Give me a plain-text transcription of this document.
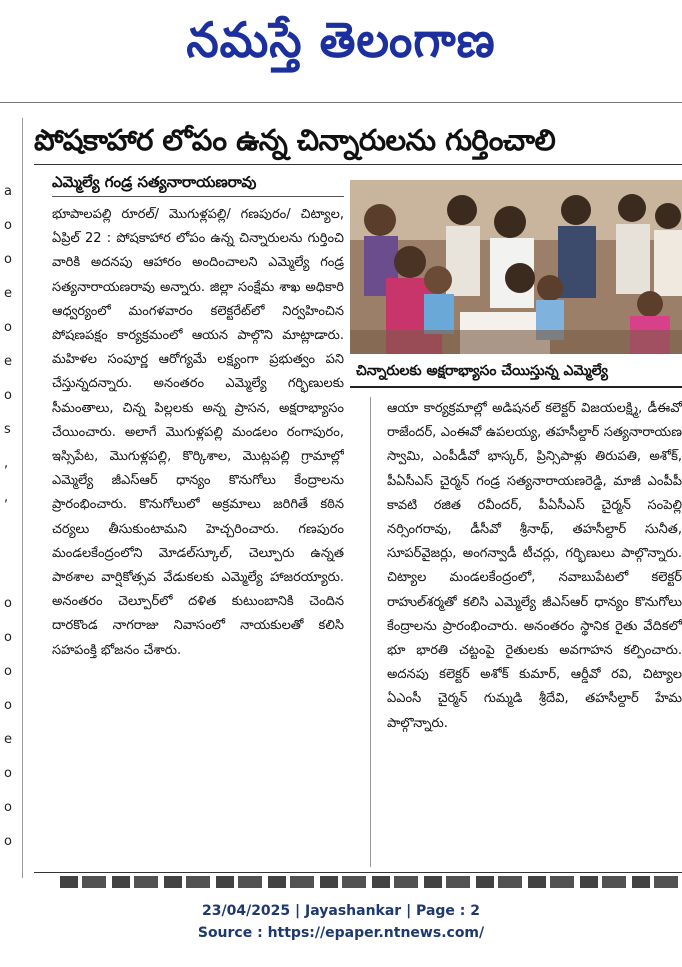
నమస్తే తెలంగాణ
a
o
o
e
o
e
o
s
,
,
o
o
o
o
e
o
o
o
పోషకాహార లోపం ఉన్న చిన్నారులను గుర్తించాలి
ఎమ్మెల్యే గండ్ర సత్యనారాయణరావు
భూపాలపల్లి రూరల్/ మొగుళ్లపల్లి/ గణపురం/ చిట్యాల, ఏప్రిల్ 22 : పోషకాహార లోపం ఉన్న చిన్నారులను గుర్తించి వారికి అదనపు ఆహారం అందించాలని ఎమ్మెల్యే గండ్ర సత్యనారాయణరావు అన్నారు. జిల్లా సంక్షేమ శాఖ అధికారి ఆధ్వర్యంలో మంగళవారం కలెక్టరేట్‌లో నిర్వహించిన పోషణపక్షం కార్యక్రమంలో ఆయన పాల్గొని మాట్లాడారు. మహిళల సంపూర్ణ ఆరోగ్యమే లక్ష్యంగా ప్రభుత్వం పని చేస్తున్నదన్నారు. అనంతరం ఎమ్మెల్యే గర్భిణులకు సీమంతాలు, చిన్న పిల్లలకు అన్న ప్రాసన, అక్షరాభ్యాసం చేయించారు. అలాగే మొగుళ్లపల్లి మండలం రంగాపురం, ఇస్సిపేట, మొగుళ్లపల్లి, కొర్కిశాల, మొట్లపల్లి గ్రామాల్లో ఎమ్మెల్యే జీఎస్‌ఆర్ ధాన్యం కొనుగోలు కేంద్రాలను ప్రారంభించారు. కొనుగోలులో అక్రమాలు జరిగితే కఠిన చర్యలు తీసుకుంటామని హెచ్చరించారు. గణపురం మండలకేంద్రంలోని మోడల్‌స్కూల్, చెల్పూరు ఉన్నత పాఠశాల వార్షికోత్సవ వేడుకలకు ఎమ్మెల్యే హాజరయ్యారు. అనంతరం చెల్పూర్‌లో దళిత కుటుంబానికి చెందిన దారకొండ నాగరాజు నివాసంలో నాయకులతో కలిసి సహపంక్తి భోజనం చేశారు.
చిన్నారులకు అక్షరాభ్యాసం చేయిస్తున్న ఎమ్మెల్యే
ఆయా కార్యక్రమాల్లో అడిషనల్ కలెక్టర్ విజయలక్ష్మి, డీఈవో రాజేందర్, ఎంఈవో ఉపలయ్య, తహసీల్దార్ సత్యనారాయణ స్వామి, ఎంపీడీవో భాస్కర్, ప్రిన్సిపాళ్లు తిరుపతి, అశోక్, పీఏసీఎస్ చైర్మన్ గండ్ర సత్యనారాయణరెడ్డి, మాజీ ఎంపీపీ కావటి రజిత రవీందర్, పీఏసీఎస్ చైర్మన్ సంపెల్లి నర్సింగరావు, డీసీవో శ్రీనాథ్, తహసీల్దార్ సునీత, సూపర్‌వైజర్లు, అంగన్వాడీ టీచర్లు, గర్భిణులు పాల్గొన్నారు. చిట్యాల మండలకేంద్రంలో, నవాబుపేటలో కలెక్టర్ రాహుల్‌శర్మతో కలిసి ఎమ్మెల్యే జీఎస్‌ఆర్ ధాన్యం కొనుగోలు కేంద్రాలను ప్రారంభించారు. అనంతరం స్థానిక రైతు వేదికలో భూ భారతి చట్టంపై రైతులకు అవగాహన కల్పించారు. అదనపు కలెక్టర్ అశోక్ కుమార్, ఆర్డీవో రవి, చిట్యాల ఏఎంసీ చైర్మన్ గుమ్మడి శ్రీదేవి, తహసీల్దార్ హేమ పాల్గొన్నారు.
23/04/2025 | Jayashankar | Page : 2
Source : https://epaper.ntnews.com/
